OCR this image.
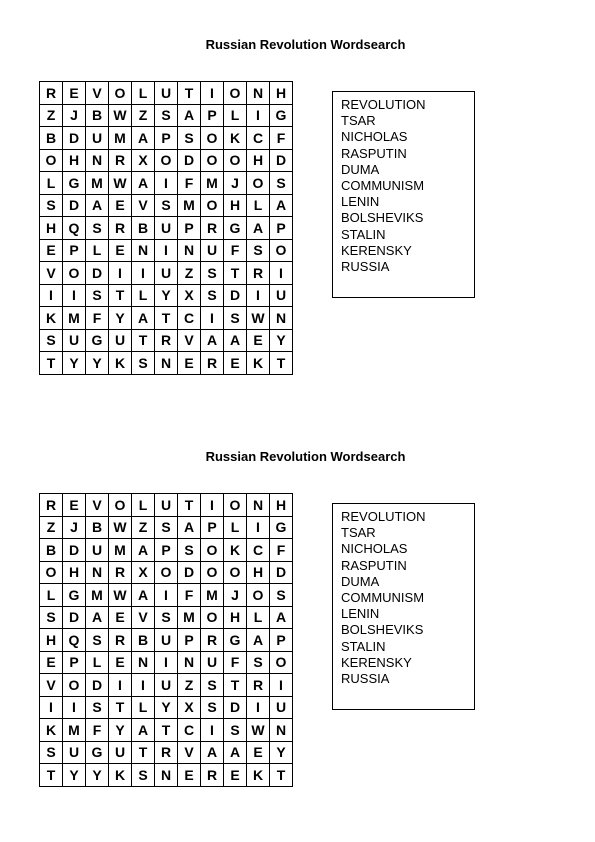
Russian Revolution Wordsearch
R	E	V	O	L	U	T	I	O	N	H
Z	J	B	W	Z	S	A	P	L	I	G
B	D	U	M	A	P	S	O	K	C	F
O	H	N	R	X	O	D	O	O	H	D
L	G	M	W	A	I	F	M	J	O	S
S	D	A	E	V	S	M	O	H	L	A
H	Q	S	R	B	U	P	R	G	A	P
E	P	L	E	N	I	N	U	F	S	O
V	O	D	I	I	U	Z	S	T	R	I
I	I	S	T	L	Y	X	S	D	I	U
K	M	F	Y	A	T	C	I	S	W	N
S	U	G	U	T	R	V	A	A	E	Y
T	Y	Y	K	S	N	E	R	E	K	T
REVOLUTION
TSAR
NICHOLAS
RASPUTIN
DUMA
COMMUNISM
LENIN
BOLSHEVIKS
STALIN
KERENSKY
RUSSIA
Russian Revolution Wordsearch
R	E	V	O	L	U	T	I	O	N	H
Z	J	B	W	Z	S	A	P	L	I	G
B	D	U	M	A	P	S	O	K	C	F
O	H	N	R	X	O	D	O	O	H	D
L	G	M	W	A	I	F	M	J	O	S
S	D	A	E	V	S	M	O	H	L	A
H	Q	S	R	B	U	P	R	G	A	P
E	P	L	E	N	I	N	U	F	S	O
V	O	D	I	I	U	Z	S	T	R	I
I	I	S	T	L	Y	X	S	D	I	U
K	M	F	Y	A	T	C	I	S	W	N
S	U	G	U	T	R	V	A	A	E	Y
T	Y	Y	K	S	N	E	R	E	K	T
REVOLUTION
TSAR
NICHOLAS
RASPUTIN
DUMA
COMMUNISM
LENIN
BOLSHEVIKS
STALIN
KERENSKY
RUSSIA
